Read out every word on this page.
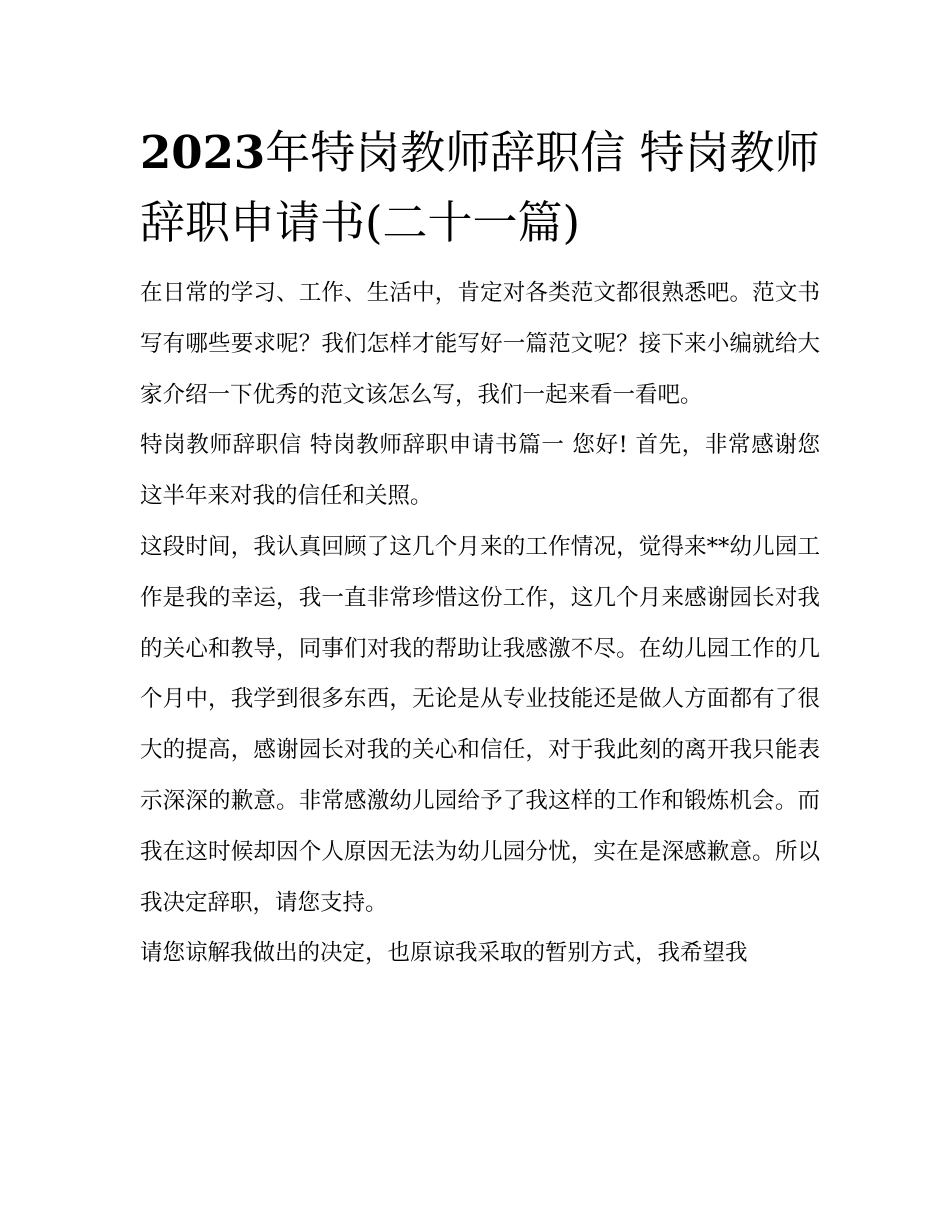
2023年特岗教师辞职信 特岗教师辞职申请书(二十一篇)

在日常的学习、工作、生活中，肯定对各类范文都很熟悉吧。范文书写有哪些要求呢？我们怎样才能写好一篇范文呢？接下来小编就给大家介绍一下优秀的范文该怎么写，我们一起来看一看吧。

特岗教师辞职信 特岗教师辞职申请书篇一 您好! 首先，非常感谢您这半年来对我的信任和关照。

这段时间，我认真回顾了这几个月来的工作情况，觉得来**幼儿园工作是我的幸运，我一直非常珍惜这份工作，这几个月来感谢园长对我的关心和教导，同事们对我的帮助让我感激不尽。在幼儿园工作的几个月中，我学到很多东西，无论是从专业技能还是做人方面都有了很大的提高，感谢园长对我的关心和信任，对于我此刻的离开我只能表示深深的歉意。非常感激幼儿园给予了我这样的工作和锻炼机会。而我在这时候却因个人原因无法为幼儿园分忧，实在是深感歉意。所以我决定辞职，请您支持。

请您谅解我做出的决定，也原谅我采取的暂别方式，我希望我
